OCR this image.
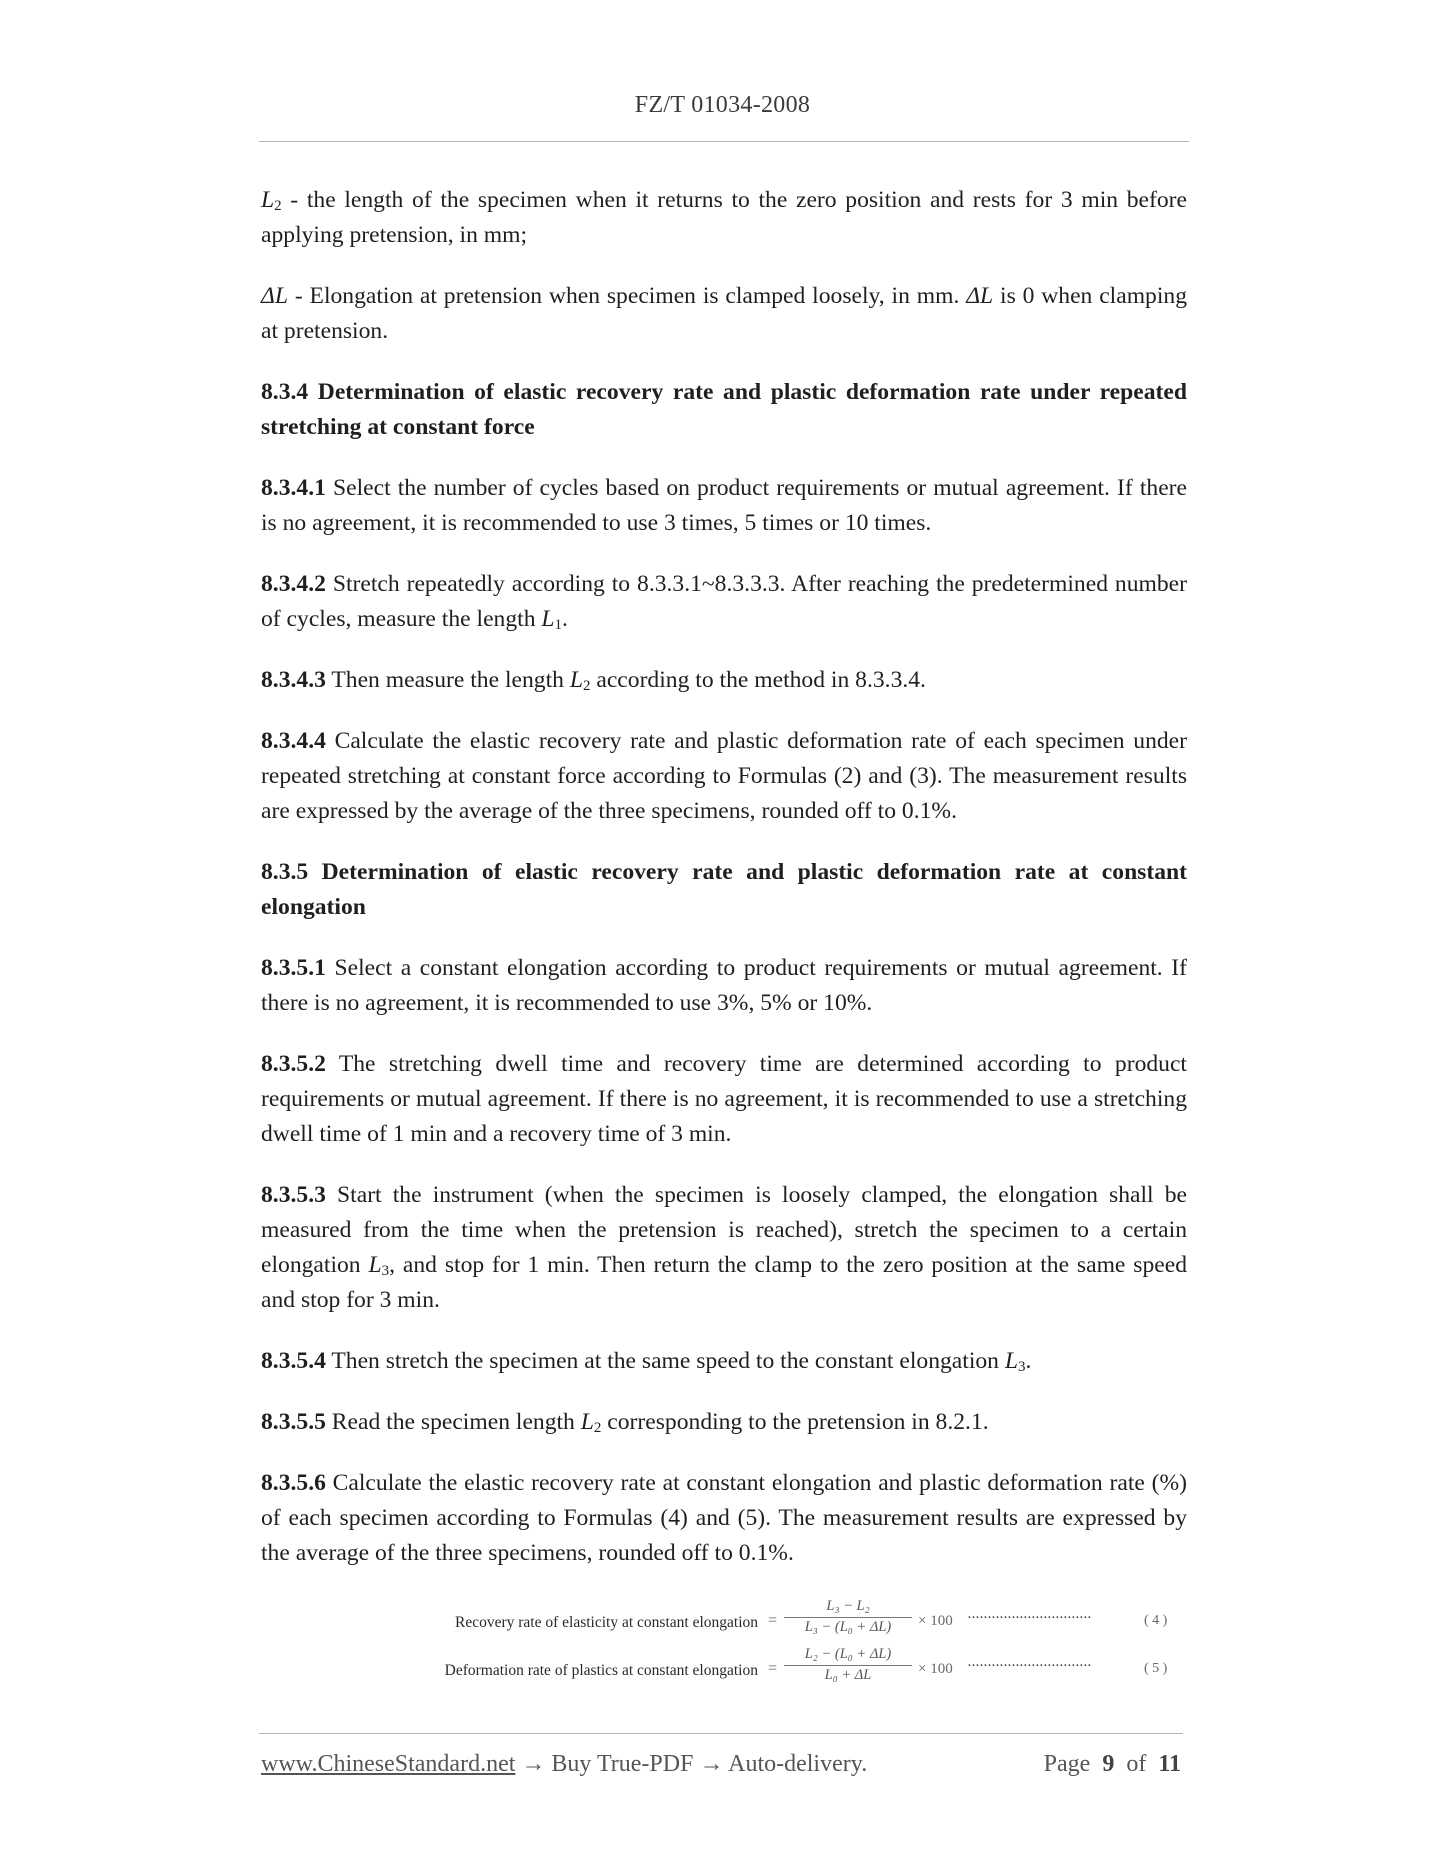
FZ/T 01034-2008

$L_2$ - the length of the specimen when it returns to the zero position and rests for 3 min before applying pretension, in mm;

ΔL - Elongation at pretension when specimen is clamped loosely, in mm. ΔL is 0 when clamping at pretension.

8.3.4 Determination of elastic recovery rate and plastic deformation rate under repeated stretching at constant force

8.3.4.1 Select the number of cycles based on product requirements or mutual agreement. If there is no agreement, it is recommended to use 3 times, 5 times or 10 times.

8.3.4.2 Stretch repeatedly according to 8.3.3.1~8.3.3.3. After reaching the predetermined number of cycles, measure the length $L_1$.

8.3.4.3 Then measure the length $L_2$ according to the method in 8.3.3.4.

8.3.4.4 Calculate the elastic recovery rate and plastic deformation rate of each specimen under repeated stretching at constant force according to Formulas (2) and (3). The measurement results are expressed by the average of the three specimens, rounded off to 0.1%.

8.3.5 Determination of elastic recovery rate and plastic deformation rate at constant elongation

8.3.5.1 Select a constant elongation according to product requirements or mutual agreement. If there is no agreement, it is recommended to use 3%, 5% or 10%.

8.3.5.2 The stretching dwell time and recovery time are determined according to product requirements or mutual agreement. If there is no agreement, it is recommended to use a stretching dwell time of 1 min and a recovery time of 3 min.

8.3.5.3 Start the instrument (when the specimen is loosely clamped, the elongation shall be measured from the time when the pretension is reached), stretch the specimen to a certain elongation $L_3$, and stop for 1 min. Then return the clamp to the zero position at the same speed and stop for 3 min.

8.3.5.4 Then stretch the specimen at the same speed to the constant elongation $L_3$.

8.3.5.5 Read the specimen length $L_2$ corresponding to the pretension in 8.2.1.

8.3.5.6 Calculate the elastic recovery rate at constant elongation and plastic deformation rate (%) of each specimen according to Formulas (4) and (5). The measurement results are expressed by the average of the three specimens, rounded off to 0.1%.

Recovery rate of elasticity at constant elongation = $\frac{\text{L₃ − L₂}}{\text{L₃ − (L₀ + ΔL)}} \times 100$ ·······························	( 4 )
Deformation rate of plastics at constant elongation = $\frac{\text{L₂ − (L₀ + ΔL)}}{\text{L₀ + ΔL}} \times 100$ ·······························	( 5 )
www.ChineseStandard.net → Buy True-PDF → Auto-delivery.	Page 9 of 11
